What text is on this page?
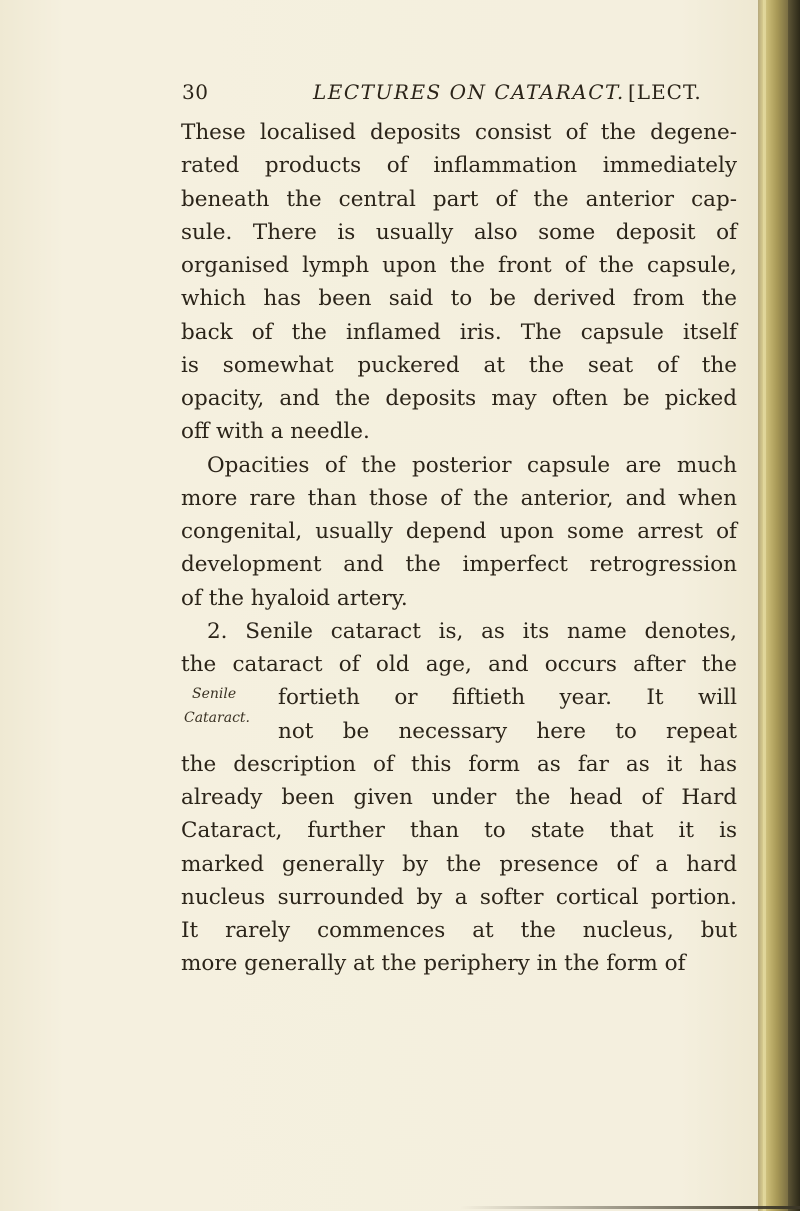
30	LECTURES ON CATARACT. [LECT.
These localised deposits consist of the degene-
rated products of inflammation immediately
beneath the central part of the anterior cap-
sule. There is usually also some deposit of
organised lymph upon the front of the capsule,
which has been said to be derived from the
back of the inflamed iris. The capsule itself
is somewhat puckered at the seat of the
opacity, and the deposits may often be picked
off with a needle.
Opacities of the posterior capsule are much
more rare than those of the anterior, and when
congenital, usually depend upon some arrest of
development and the imperfect retrogression
of the hyaloid artery.
2. Senile cataract is, as its name denotes,
the cataract of old age, and occurs after the
fortieth or fiftieth year. It will
not be necessary here to repeat
the description of this form as far as it has
already been given under the head of Hard
Cataract, further than to state that it is
marked generally by the presence of a hard
nucleus surrounded by a softer cortical portion.
It rarely commences at the nucleus, but
more generally at the periphery in the form of
Senile
Cataract.
